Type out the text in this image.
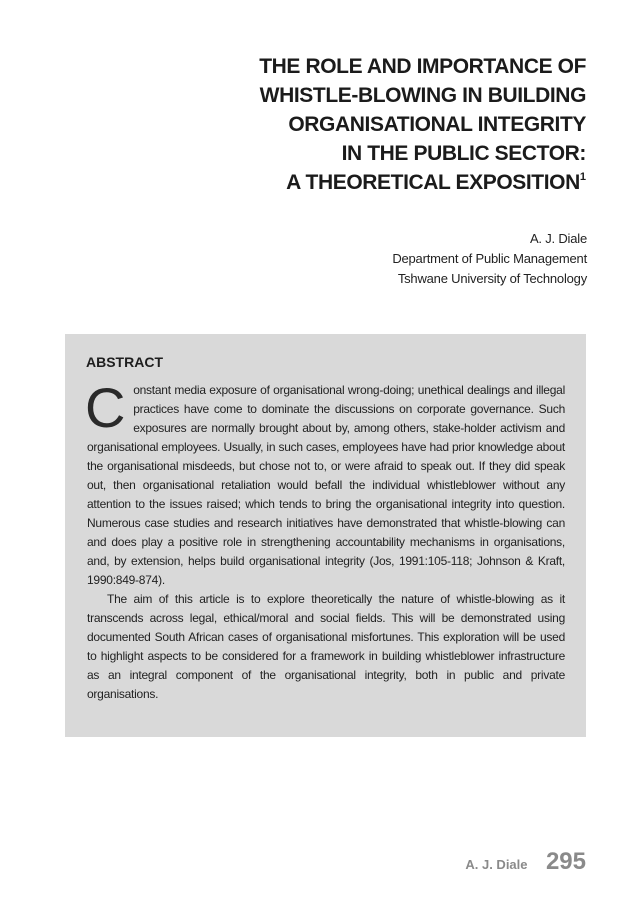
THE ROLE AND IMPORTANCE OF
WHISTLE-BLOWING IN BUILDING
ORGANISATIONAL INTEGRITY
IN THE PUBLIC SECTOR:
A THEORETICAL EXPOSITION$^1$
A. J. Diale
Department of Public Management
Tshwane University of Technology
ABSTRACT

Constant media exposure of organisational wrong-doing; unethical dealings and illegal practices have come to dominate the discussions on corporate governance. Such exposures are normally brought about by, among others, stake-holder activism and organisational employees. Usually, in such cases, employees have had prior knowledge about the organisational misdeeds, but chose not to, or were afraid to speak out. If they did speak out, then organisational retaliation would befall the individual whistleblower without any attention to the issues raised; which tends to bring the organisational integrity into question. Numerous case studies and research initiatives have demonstrated that whistle-blowing can and does play a positive role in strengthening accountability mechanisms in organisations, and, by extension, helps build organisational integrity (Jos, 1991:105-118; Johnson & Kraft, 1990:849-874).

The aim of this article is to explore theoretically the nature of whistle-blowing as it transcends across legal, ethical/moral and social fields. This will be demonstrated using documented South African cases of organisational misfortunes. This exploration will be used to highlight aspects to be considered for a framework in building whistleblower infrastructure as an integral component of the organisational integrity, both in public and private organisations.

A. J. Diale 295
